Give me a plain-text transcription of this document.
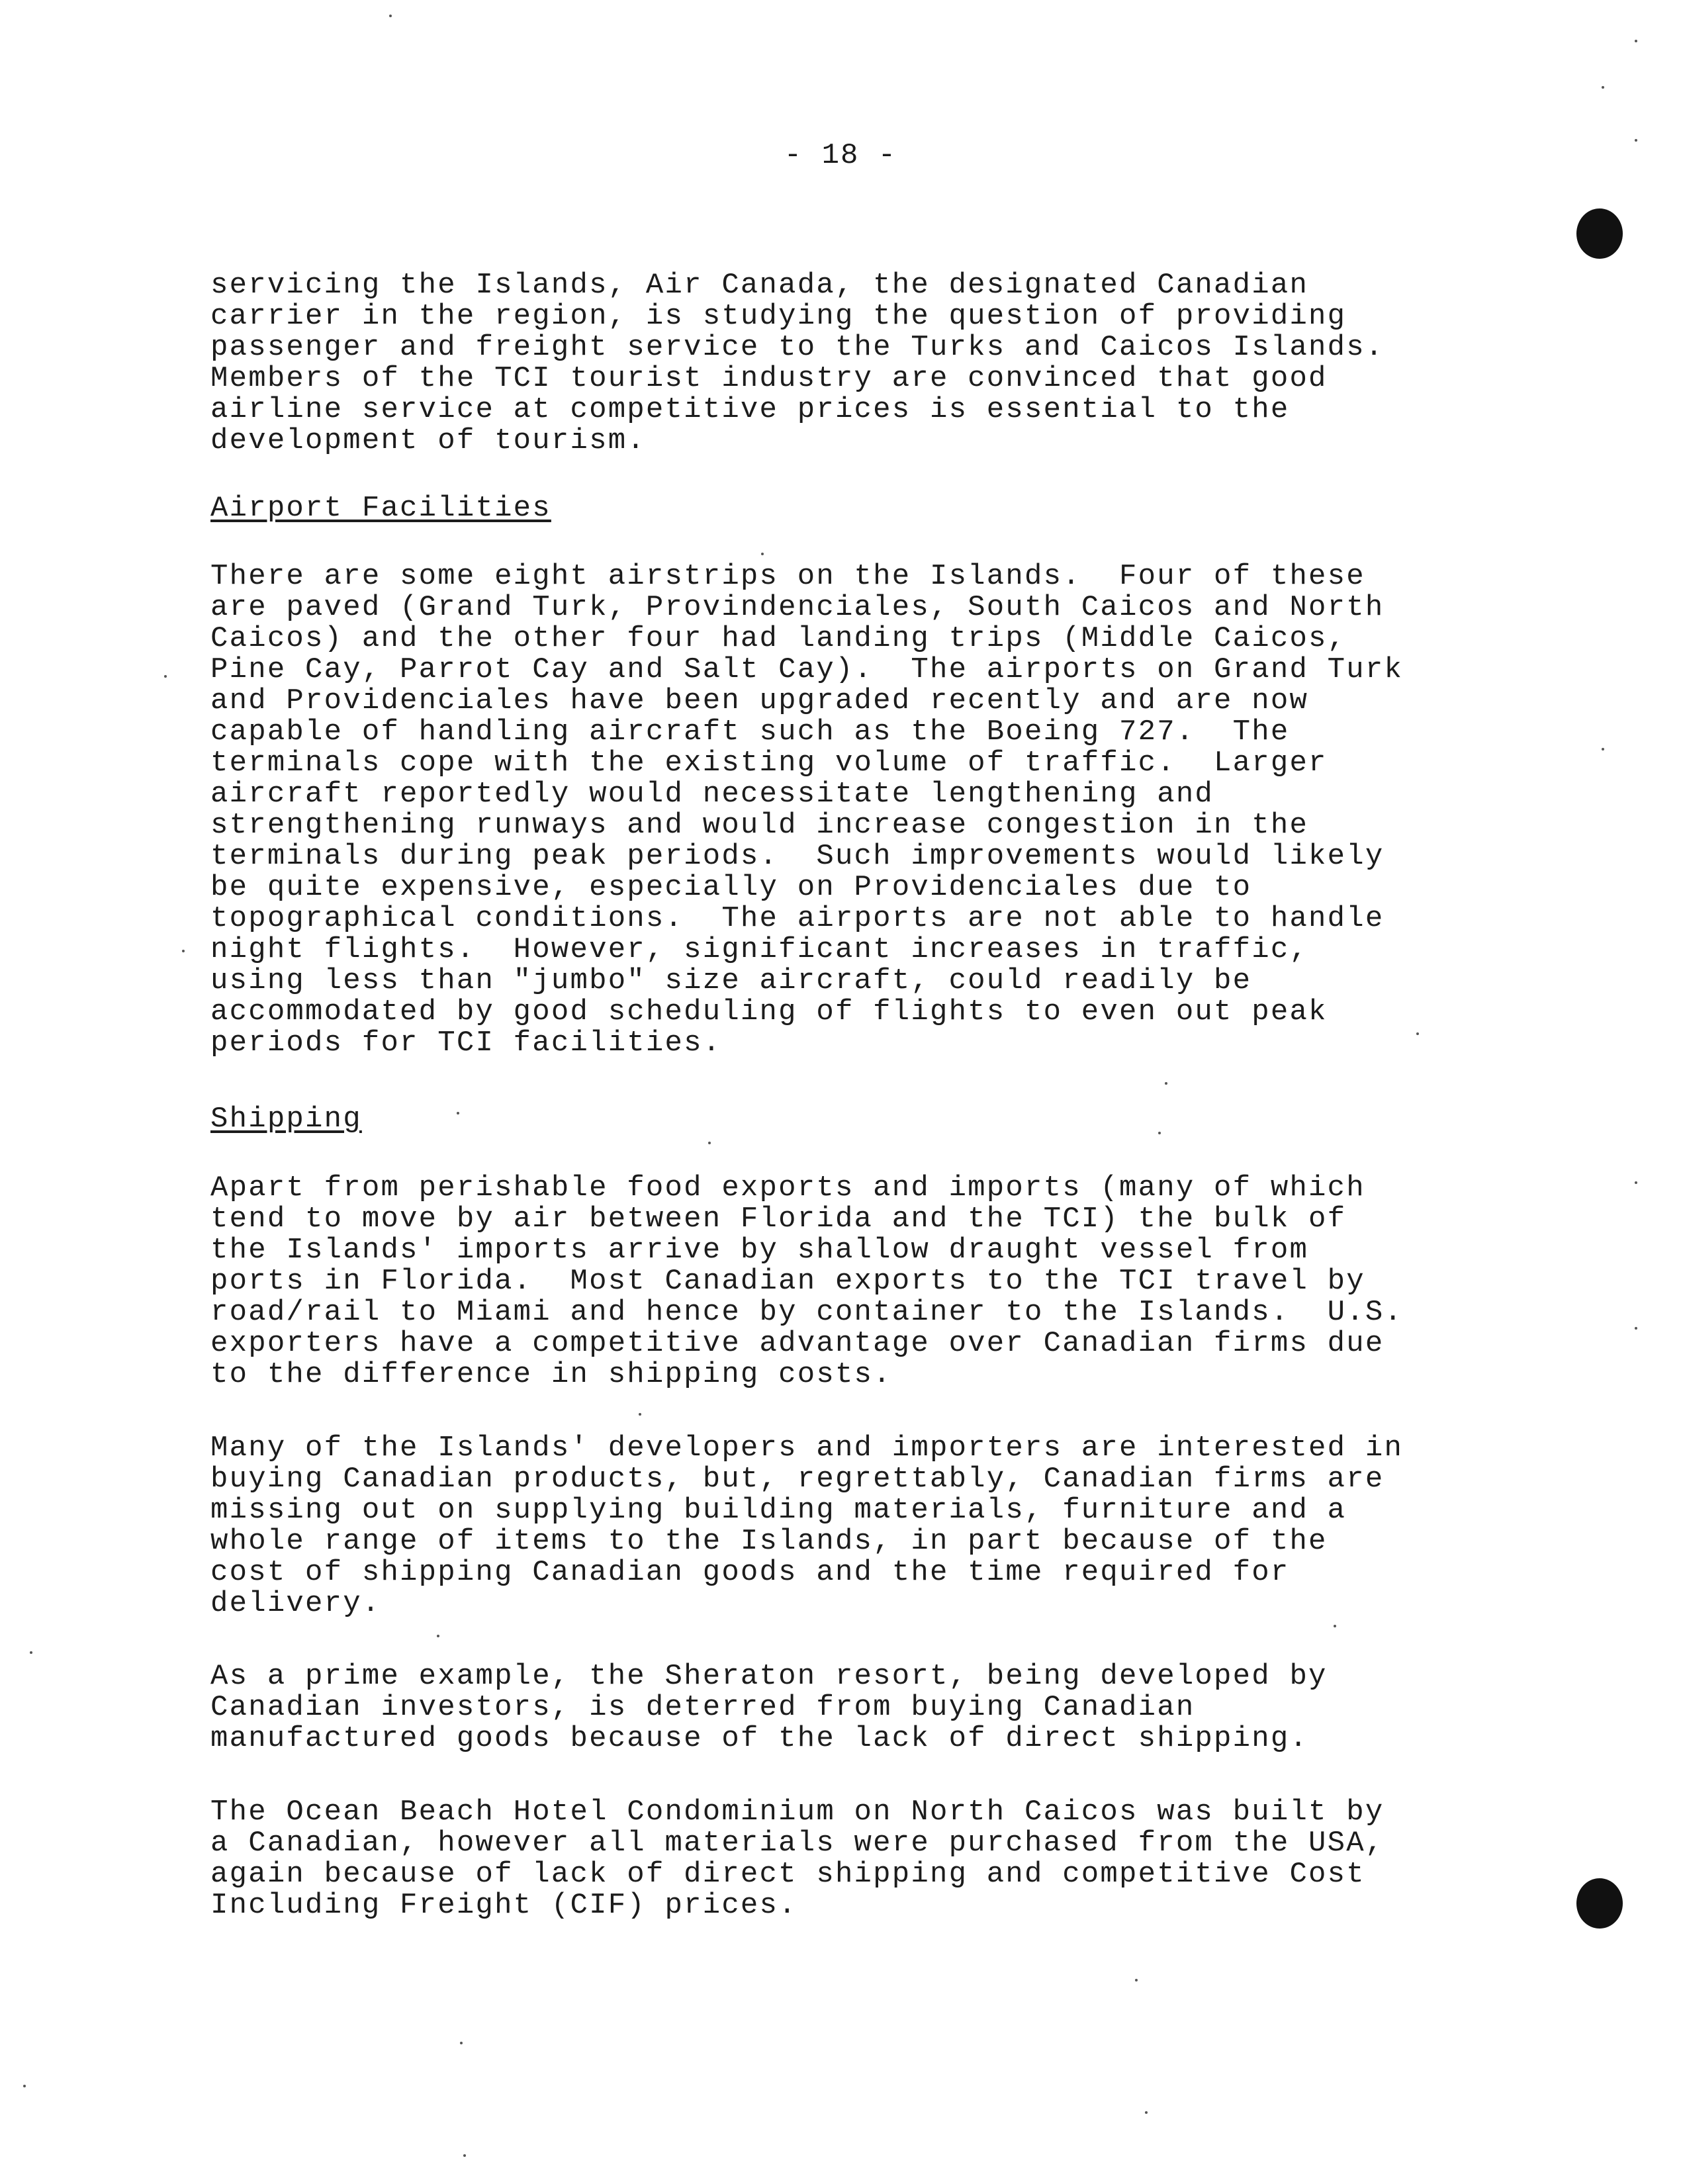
- 18 -
servicing the Islands, Air Canada, the designated Canadian
carrier in the region, is studying the question of providing
passenger and freight service to the Turks and Caicos Islands.
Members of the TCI tourist industry are convinced that good
airline service at competitive prices is essential to the
development of tourism.
Airport Facilities
There are some eight airstrips on the Islands.  Four of these
are paved (Grand Turk, Provindenciales, South Caicos and North
Caicos) and the other four had landing trips (Middle Caicos,
Pine Cay, Parrot Cay and Salt Cay).  The airports on Grand Turk
and Providenciales have been upgraded recently and are now
capable of handling aircraft such as the Boeing 727.  The
terminals cope with the existing volume of traffic.  Larger
aircraft reportedly would necessitate lengthening and
strengthening runways and would increase congestion in the
terminals during peak periods.  Such improvements would likely
be quite expensive, especially on Providenciales due to
topographical conditions.  The airports are not able to handle
night flights.  However, significant increases in traffic,
using less than "jumbo" size aircraft, could readily be
accommodated by good scheduling of flights to even out peak
periods for TCI facilities.
Shipping
Apart from perishable food exports and imports (many of which
tend to move by air between Florida and the TCI) the bulk of
the Islands' imports arrive by shallow draught vessel from
ports in Florida.  Most Canadian exports to the TCI travel by
road/rail to Miami and hence by container to the Islands.  U.S.
exporters have a competitive advantage over Canadian firms due
to the difference in shipping costs.
Many of the Islands' developers and importers are interested in
buying Canadian products, but, regrettably, Canadian firms are
missing out on supplying building materials, furniture and a
whole range of items to the Islands, in part because of the
cost of shipping Canadian goods and the time required for
delivery.
As a prime example, the Sheraton resort, being developed by
Canadian investors, is deterred from buying Canadian
manufactured goods because of the lack of direct shipping.
The Ocean Beach Hotel Condominium on North Caicos was built by
a Canadian, however all materials were purchased from the USA,
again because of lack of direct shipping and competitive Cost
Including Freight (CIF) prices.
